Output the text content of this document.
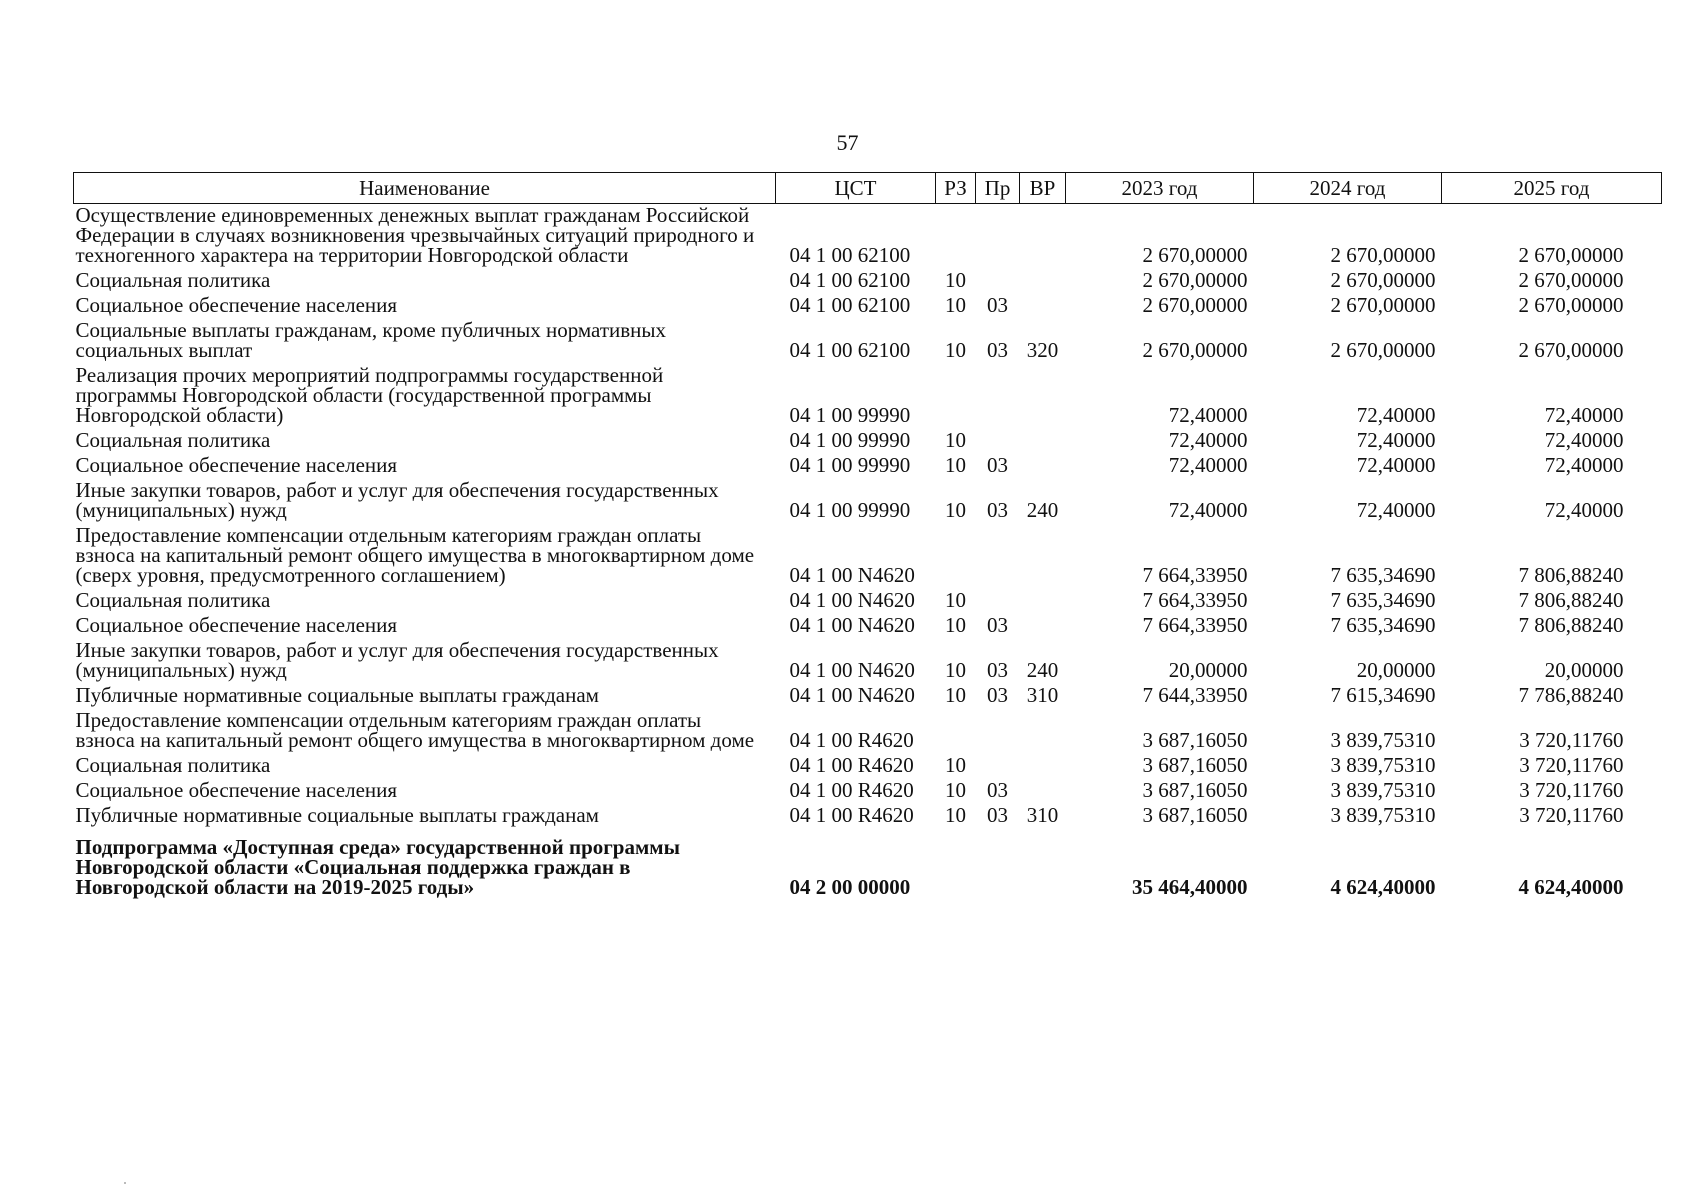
57
Наименование	ЦСТ	РЗ	Пр	ВР	2023 год	2024 год	2025 год	
Осуществление единовременных денежных выплат гражданам Российской Федерации в случаях возникновения чрезвычайных ситуаций природного и техногенного характера на территории Новгородской области	04 1 00 62100				2 670,00000	2 670,00000	2 670,00000	
Социальная политика	04 1 00 62100	10			2 670,00000	2 670,00000	2 670,00000	
Социальное обеспечение населения	04 1 00 62100	10	03		2 670,00000	2 670,00000	2 670,00000	
Социальные выплаты гражданам, кроме публичных нормативных социальных выплат	04 1 00 62100	10	03	320	2 670,00000	2 670,00000	2 670,00000	
Реализация прочих мероприятий подпрограммы государственной программы Новгородской области (государственной программы Новгородской области)	04 1 00 99990				72,40000	72,40000	72,40000	
Социальная политика	04 1 00 99990	10			72,40000	72,40000	72,40000	
Социальное обеспечение населения	04 1 00 99990	10	03		72,40000	72,40000	72,40000	
Иные закупки товаров, работ и услуг для обеспечения государственных (муниципальных) нужд	04 1 00 99990	10	03	240	72,40000	72,40000	72,40000	
Предоставление компенсации отдельным категориям граждан оплаты взноса на капитальный ремонт общего имущества в многоквартирном доме (сверх уровня, предусмотренного соглашением)	04 1 00 N4620				7 664,33950	7 635,34690	7 806,88240	
Социальная политика	04 1 00 N4620	10			7 664,33950	7 635,34690	7 806,88240	
Социальное обеспечение населения	04 1 00 N4620	10	03		7 664,33950	7 635,34690	7 806,88240	
Иные закупки товаров, работ и услуг для обеспечения государственных (муниципальных) нужд	04 1 00 N4620	10	03	240	20,00000	20,00000	20,00000	
Публичные нормативные социальные выплаты гражданам	04 1 00 N4620	10	03	310	7 644,33950	7 615,34690	7 786,88240	
Предоставление компенсации отдельным категориям граждан оплаты взноса на капитальный ремонт общего имущества в многоквартирном доме	04 1 00 R4620				3 687,16050	3 839,75310	3 720,11760	
Социальная политика	04 1 00 R4620	10			3 687,16050	3 839,75310	3 720,11760	
Социальное обеспечение населения	04 1 00 R4620	10	03		3 687,16050	3 839,75310	3 720,11760	
Публичные нормативные социальные выплаты гражданам	04 1 00 R4620	10	03	310	3 687,16050	3 839,75310	3 720,11760	
Подпрограмма «Доступная среда» государственной программы Новгородской области «Социальная поддержка граждан в Новгородской области на 2019-2025 годы»	04 2 00 00000				35 464,40000	4 624,40000	4 624,40000	
